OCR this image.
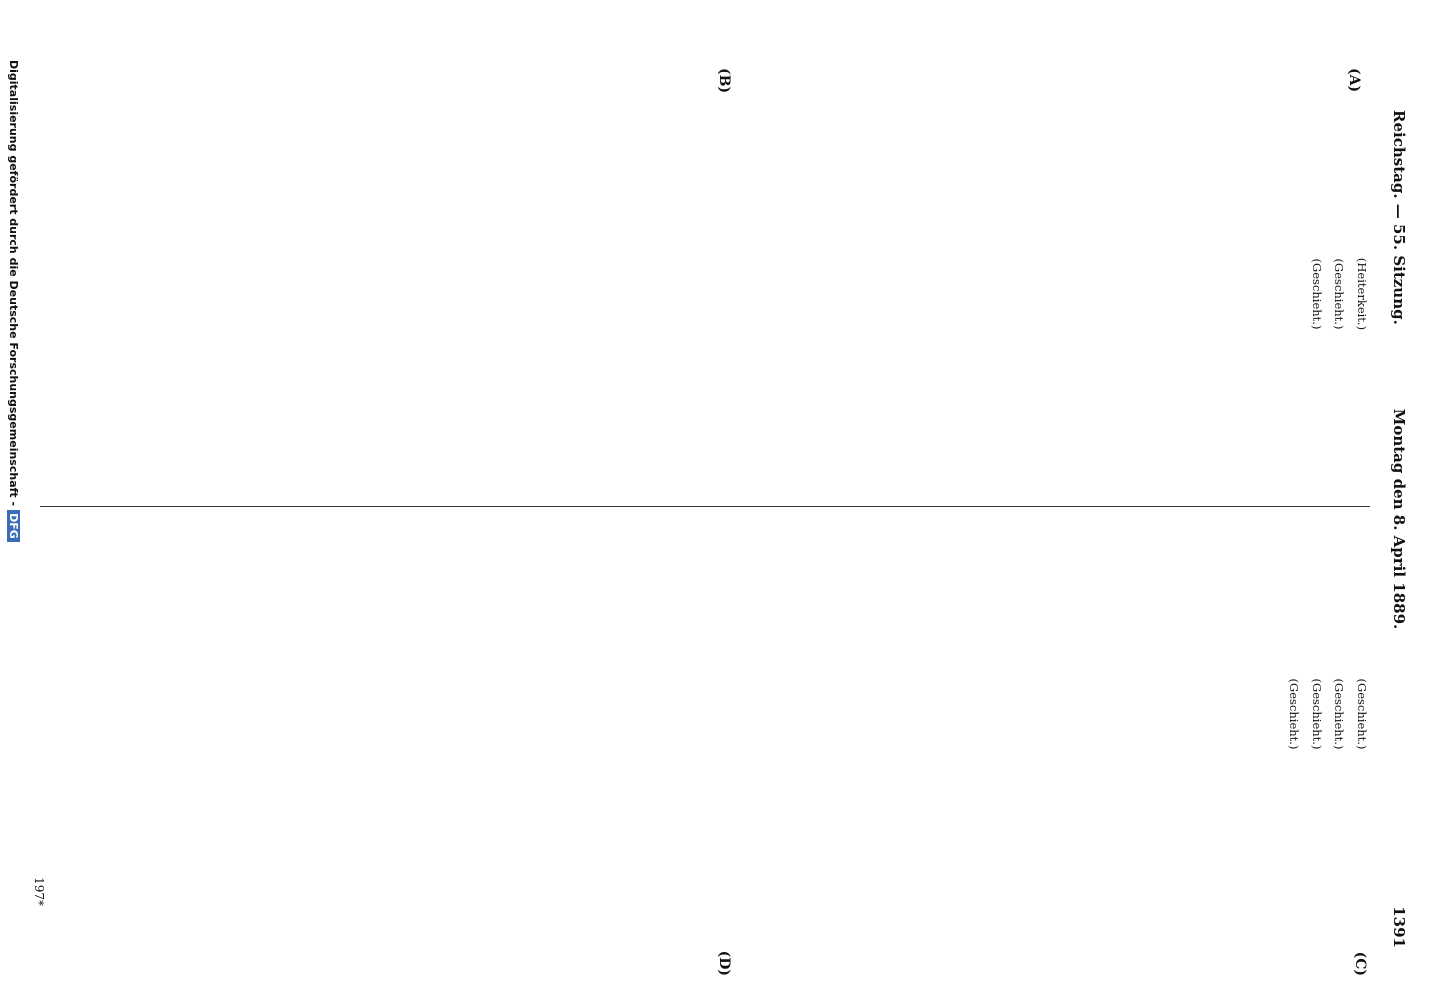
Reichstag. — 55. Sitzung.
Montag den 8. April 1889.
1391
(A)
(B)
(C)
(D)

(Heiterkeit.)

(Geschieht.)

(Geschieht.)

(Geschieht.)

(Geschieht.)

(Geschieht.)

(Geschieht.)

197*
Digitalisierung gefördert durch die Deutsche Forschungsgemeinschaft -DFG
